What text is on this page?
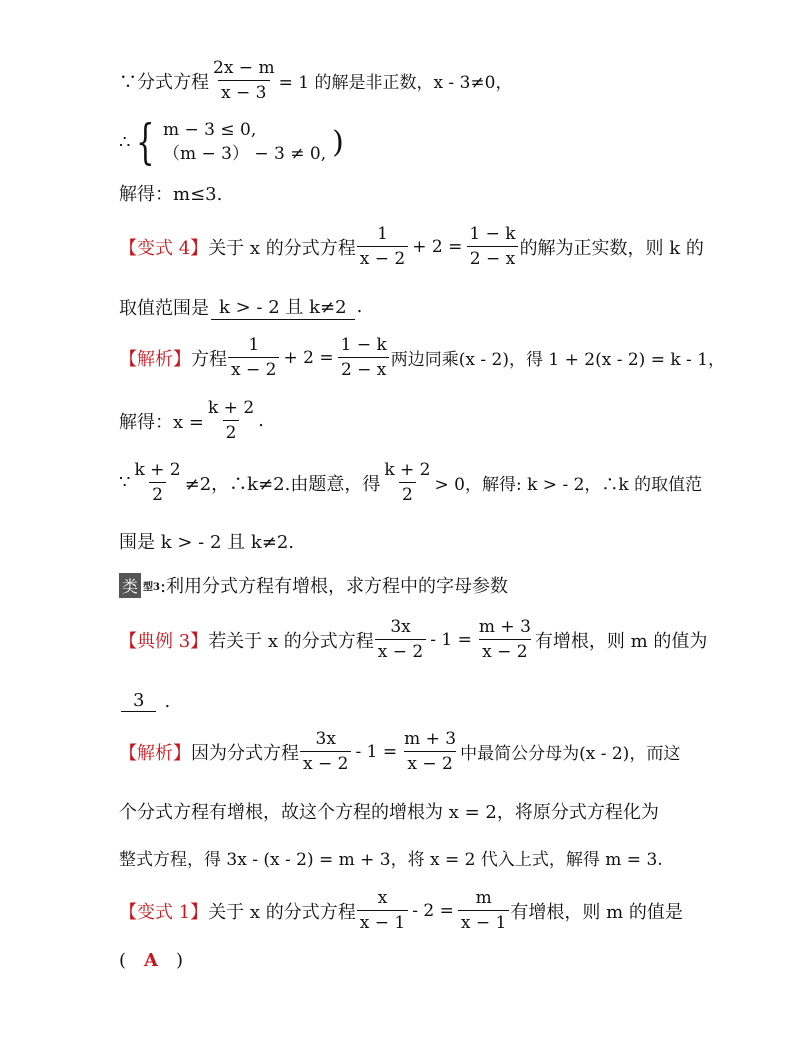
∵分式方程 $\frac{2x - m}{x - 3} = 1$ 的解是非正数，x - 3≠0，
∴ { m − 3 ≤ 0,
（m − 3） − 3 ≠ 0, )
解得：m≤3.
【变式 4】 关于 x 的分式方程 $\frac{1}{x - 2} + 2 = \frac{1 - k}{2 - x}$ 的解为正实数，则 k 的
取值范围是 k > - 2 且 k≠2 .
【解析】 方程 $\frac{1}{x - 2} + 2 = \frac{1 - k}{2 - x}$ 两边同乘(x - 2)，得 1 + 2(x - 2) = k - 1，
解得：$x = \frac{k + 2}{2}$ .
∵ $\frac{k + 2}{2} \ne 2$，∴k≠2.由题意，得 $\frac{k + 2}{2} > 0$，解得: k > - 2，∴k 的取值范
围是 k > - 2 且 k≠2.
类 型3 :利用分式方程有增根，求方程中的字母参数
【典例 3】 若关于 x 的分式方程 $\frac{3x}{x - 2} - 1 = \frac{m + 3}{x - 2}$ 有增根，则 m 的值为
3	.
【解析】 因为分式方程 $\frac{3x}{x - 2} - 1 = \frac{m + 3}{x - 2}$ 中最简公分母为(x - 2)，而这
个分式方程有增根，故这个方程的增根为 x = 2，将原分式方程化为
整式方程，得 3x - (x - 2) = m + 3，将 x = 2 代入上式，解得 m = 3.
【变式 1】 关于 x 的分式方程 $\frac{x}{x - 1} - 2 = \frac{m}{x - 1}$ 有增根，则 m 的值是
( A )
